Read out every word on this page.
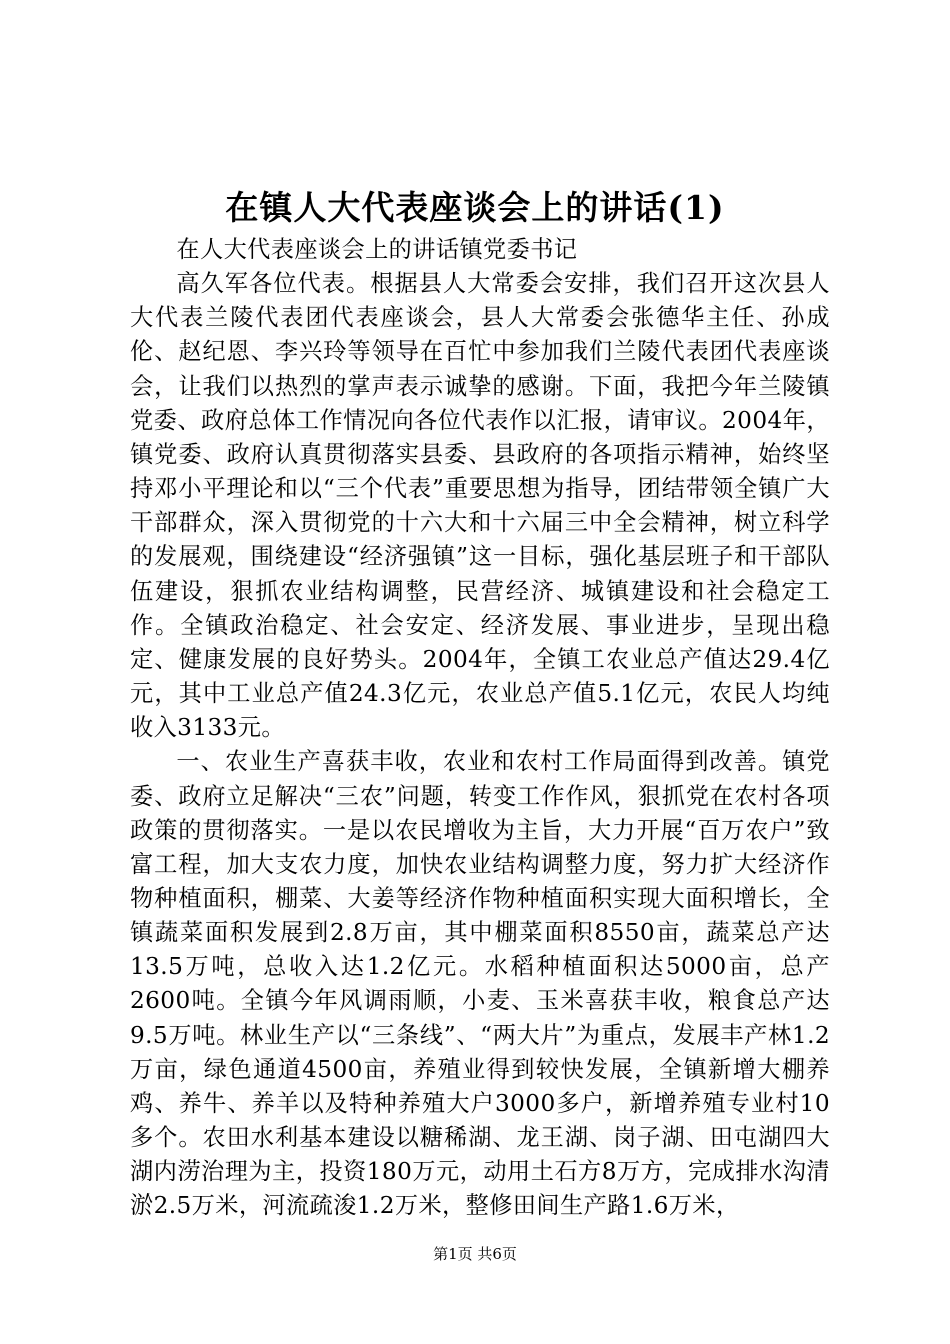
在镇人大代表座谈会上的讲话(1)

在人大代表座谈会上的讲话镇党委书记

高久军各位代表。根据县人大常委会安排，我们召开这次县人大代表兰陵代表团代表座谈会，县人大常委会张德华主任、孙成伦、赵纪恩、李兴玲等领导在百忙中参加我们兰陵代表团代表座谈会，让我们以热烈的掌声表示诚挚的感谢。下面，我把今年兰陵镇党委、政府总体工作情况向各位代表作以汇报，请审议。2004年，镇党委、政府认真贯彻落实县委、县政府的各项指示精神，始终坚持邓小平理论和以“三个代表”重要思想为指导，团结带领全镇广大干部群众，深入贯彻党的十六大和十六届三中全会精神，树立科学的发展观，围绕建设“经济强镇”这一目标，强化基层班子和干部队伍建设，狠抓农业结构调整，民营经济、城镇建设和社会稳定工作。全镇政治稳定、社会安定、经济发展、事业进步，呈现出稳定、健康发展的良好势头。2004年，全镇工农业总产值达29.4亿元，其中工业总产值24.3亿元，农业总产值5.1亿元，农民人均纯收入3133元。

一、农业生产喜获丰收，农业和农村工作局面得到改善。镇党委、政府立足解决“三农”问题，转变工作作风，狠抓党在农村各项政策的贯彻落实。一是以农民增收为主旨，大力开展“百万农户”致富工程，加大支农力度，加快农业结构调整力度，努力扩大经济作物种植面积，棚菜、大姜等经济作物种植面积实现大面积增长，全镇蔬菜面积发展到2.8万亩，其中棚菜面积8550亩，蔬菜总产达13.5万吨，总收入达1.2亿元。水稻种植面积达5000亩，总产2600吨。全镇今年风调雨顺，小麦、玉米喜获丰收，粮食总产达9.5万吨。林业生产以“三条线”、“两大片”为重点，发展丰产林1.2万亩，绿色通道4500亩，养殖业得到较快发展，全镇新增大棚养鸡、养牛、养羊以及特种养殖大户3000多户，新增养殖专业村10多个。农田水利基本建设以糖稀湖、龙王湖、岗子湖、田屯湖四大湖内涝治理为主，投资180万元，动用土石方8万方，完成排水沟清淤2.5万米，河流疏浚1.2万米，整修田间生产路1.6万米，

第1页 共6页
